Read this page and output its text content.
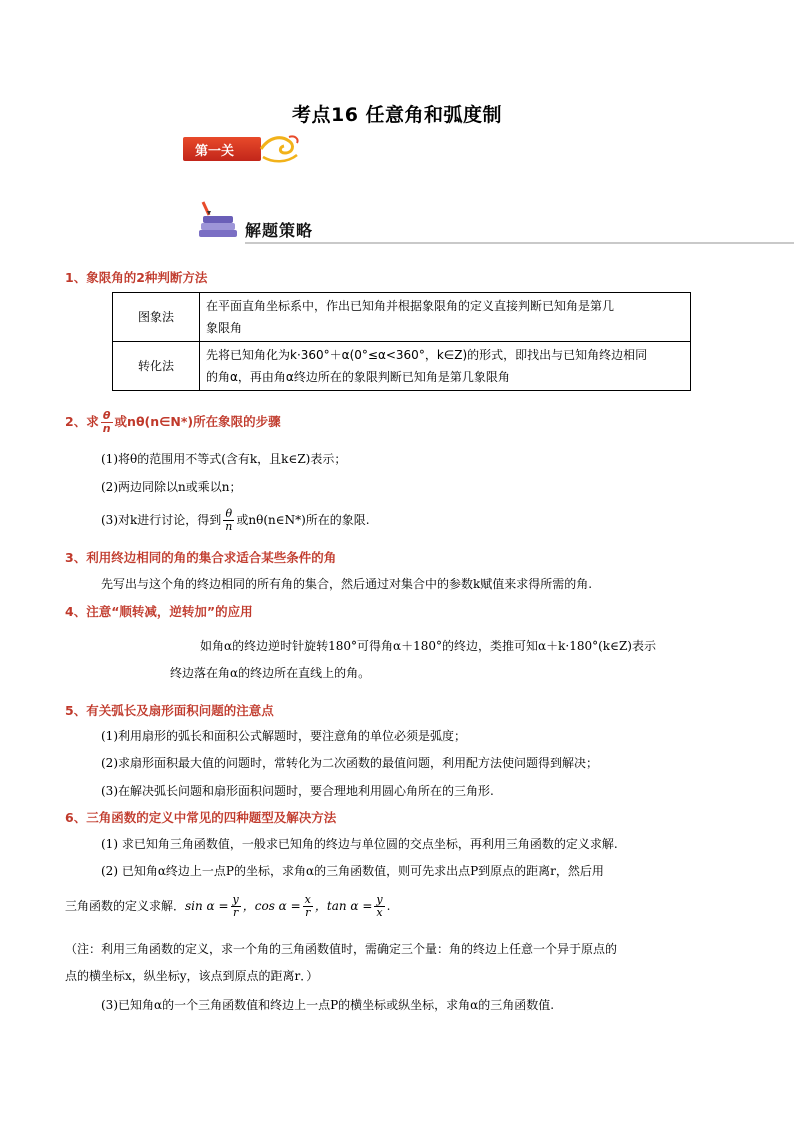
考点16 任意角和弧度制
第一关
解题策略
1、象限角的2种判断方法
图象法	在平面直角坐标系中，作出已知角并根据象限角的定义直接判断已知角是第几
象限角

转化法	先将已知角化为k·360°＋α(0°≤α<360°，k∈Z)的形式，即找出与已知角终边相同
的角α，再由角α终边所在的象限判断已知角是第几象限角
2、求 $\frac{\theta}{n}$ 或nθ(n∈N*)所在象限的步骤
(1)将θ的范围用不等式(含有k，且k∈Z)表示；
(2)两边同除以n或乘以n；
(3)对k进行讨论，得到 $\frac{\theta}{n}$ 或nθ(n∈N*)所在的象限.
3、利用终边相同的角的集合求适合某些条件的角
先写出与这个角的终边相同的所有角的集合，然后通过对集合中的参数k赋值来求得所需的角.
4、注意“顺转减，逆转加”的应用
如角α的终边逆时针旋转180°可得角α＋180°的终边，类推可知α＋k·180°(k∈Z)表示
终边落在角α的终边所在直线上的角。
5、有关弧长及扇形面积问题的注意点
(1)利用扇形的弧长和面积公式解题时，要注意角的单位必须是弧度；
(2)求扇形面积最大值的问题时，常转化为二次函数的最值问题，利用配方法使问题得到解决；
(3)在解决弧长问题和扇形面积问题时，要合理地利用圆心角所在的三角形.
6、三角函数的定义中常见的四种题型及解决方法
(1) 求已知角三角函数值，一般求已知角的终边与单位圆的交点坐标，再利用三角函数的定义求解.
(2) 已知角α终边上一点P的坐标，求角α的三角函数值，则可先求出点P到原点的距离r，然后用
三角函数的定义求解．$\sin \alpha = \frac{y}{r}$ ，$\cos \alpha = \frac{x}{r}$ ，$\tan \alpha = \frac{y}{x}$ .
（注：利用三角函数的定义，求一个角的三角函数值时，需确定三个量：角的终边上任意一个异于原点的
点的横坐标x，纵坐标y，该点到原点的距离r．）
(3)已知角α的一个三角函数值和终边上一点P的横坐标或纵坐标，求角α的三角函数值.
